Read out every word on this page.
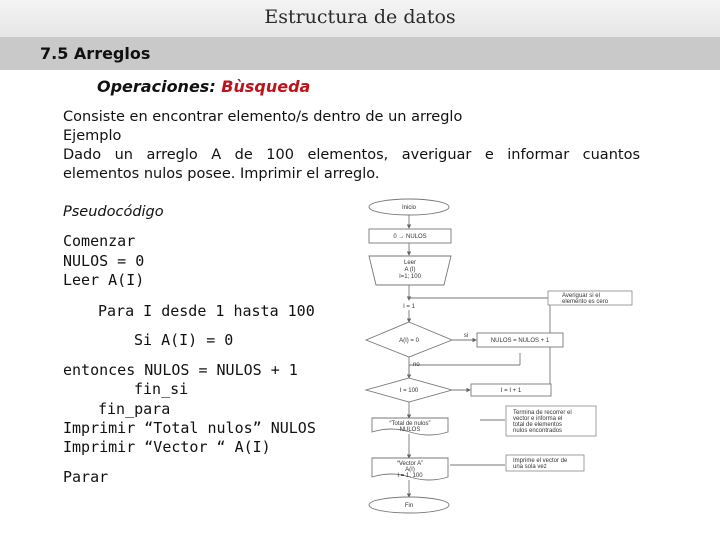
Estructura de datos
7.5 Arreglos
Operaciones: Bùsqueda
Consiste en encontrar elemento/s dentro de un arreglo
Ejemplo
Dado un arreglo A de 100 elementos, averiguar e informar cuantos
elementos nulos posee. Imprimir el arreglo.
Pseudocódigo
Comenzar
NULOS = 0
Leer A(I)
Para I desde 1 hasta 100
Si A(I) = 0
entonces NULOS = NULOS + 1
fin_si
fin_para
Imprimir “Total nulos” NULOS
Imprimir “Vector “ A(I)
Parar
Inicio
0 → NULOS
Leer
A (I)
I=1; 100
I = 1
A(I) = 0
si
no
NULOS = NULOS + 1
I = 100	I = I + 1
“Total de nulos”
NULOS
“Vector A”
A(I)
I = 1, 100
Fin
Averiguar si el
elemento es cero
Termina de recorrer el
vector e informa el
total de elementos
nulos encontrados
Imprime el vector de
una sola vez
